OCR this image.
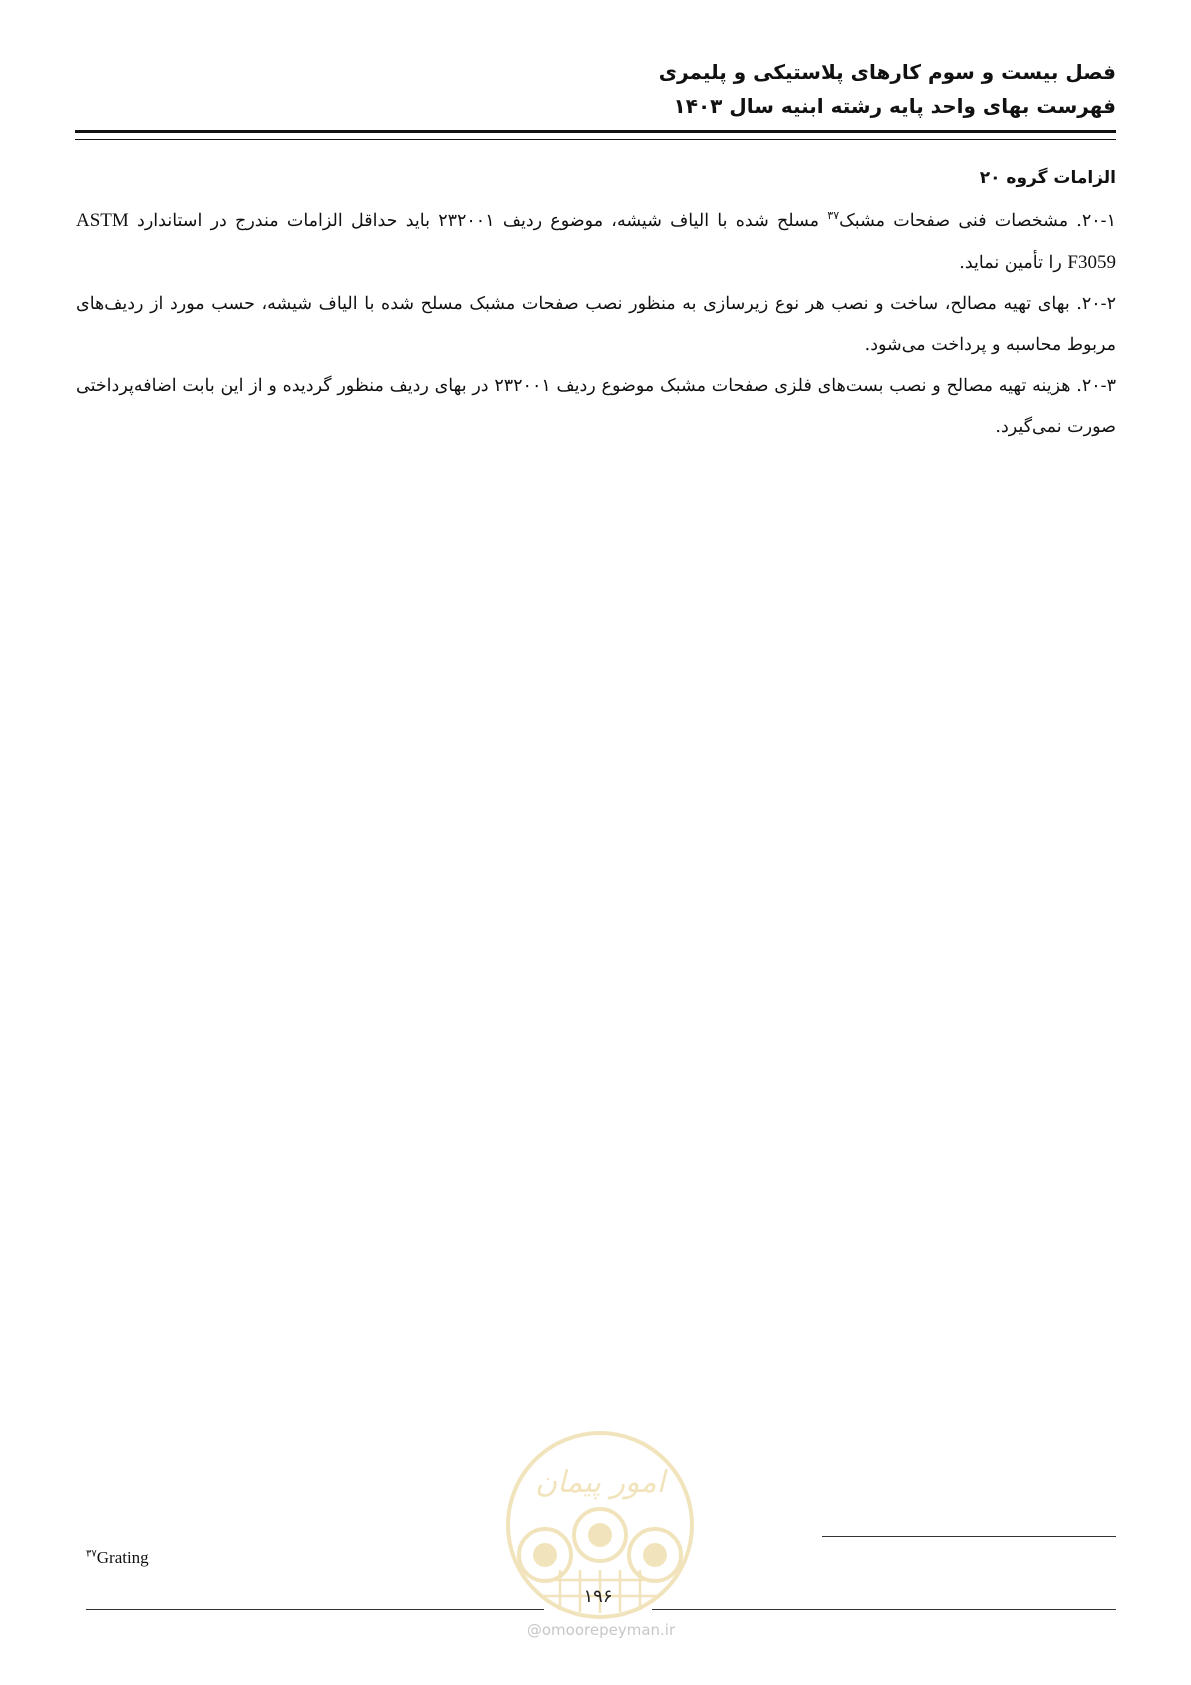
فصل بیست و سوم کارهای پلاستیکی و پلیمری
فهرست بهای واحد پایه رشته ابنیه سال ۱۴۰۳
الزامات گروه ۲۰

۲۰-۱. مشخصات فنی صفحات مشبک$^{۳۷}$ مسلح شده با الیاف شیشه، موضوع ردیف ۲۳۲۰۰۱ باید حداقل الزامات مندرج در استاندارد ASTM F3059 را تأمین نماید.

۲۰-۲. بهای تهیه مصالح، ساخت و نصب هر نوع زیرسازی به منظور نصب صفحات مشبک مسلح شده با الیاف شیشه، حسب مورد از ردیف‌های مربوط محاسبه و پرداخت می‌شود.

۲۰-۳. هزینه تهیه مصالح و نصب بست‌های فلزی صفحات مشبک موضوع ردیف ۲۳۲۰۰۱ در بهای ردیف منظور گردیده و از این بابت اضافه‌پرداختی صورت نمی‌گیرد.

$^{۳۷}$Grating
امور پیمان
۱۹۶
@omoorepeyman.ir
